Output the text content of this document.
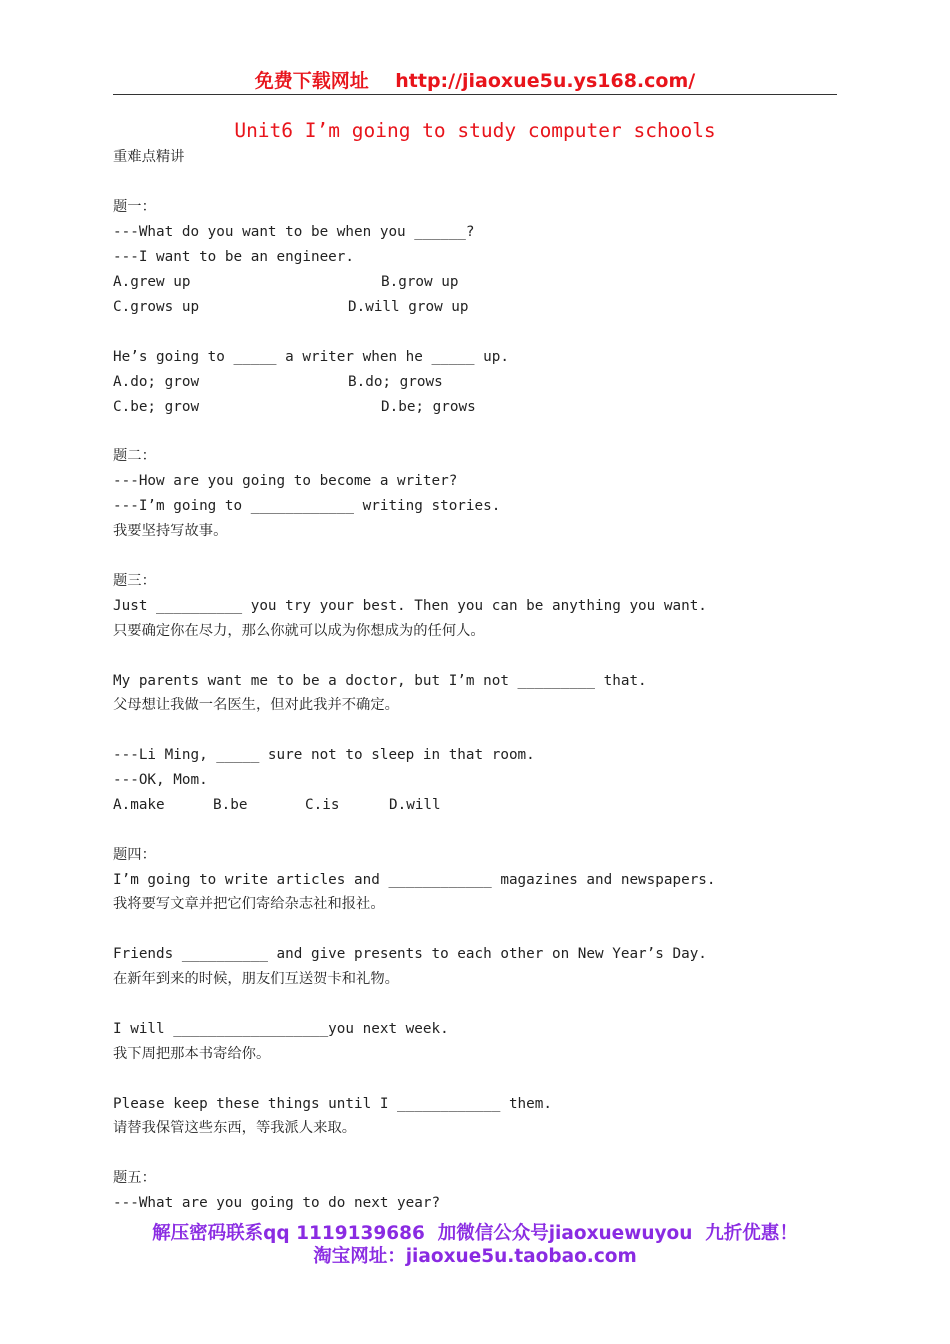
免费下载网址    http://jiaoxue5u.ys168.com/
Unit6 I’m going to study computer schools
重难点精讲
题一：
---What do you want to be when you ______?
---I want to be an engineer.
A.grew up	B.grow up
C.grows up	D.will grow up
He’s going to _____ a writer when he _____ up.
A.do; grow	B.do; grows
C.be; grow	D.be; grows
题二：
---How are you going to become a writer?
---I’m going to ____________ writing stories.
我要坚持写故事。
题三：
Just __________ you try your best. Then you can be anything you want.
只要确定你在尽力，那么你就可以成为你想成为的任何人。
My parents want me to be a doctor, but I’m not _________ that.
父母想让我做一名医生，但对此我并不确定。
---Li Ming, _____ sure not to sleep in that room.
---OK, Mom.
A.make	B.be	C.is	D.will
题四：
I’m going to write articles and ____________ magazines and newspapers.
我将要写文章并把它们寄给杂志社和报社。
Friends __________ and give presents to each other on New Year’s Day.
在新年到来的时候，朋友们互送贺卡和礼物。
I will __________________you next week.
我下周把那本书寄给你。
Please keep these things until I ____________ them.
请替我保管这些东西，等我派人来取。
题五：
---What are you going to do next year?
解压密码联系qq 1119139686  加微信公众号jiaoxuewuyou  九折优惠！
淘宝网址：jiaoxue5u.taobao.com
